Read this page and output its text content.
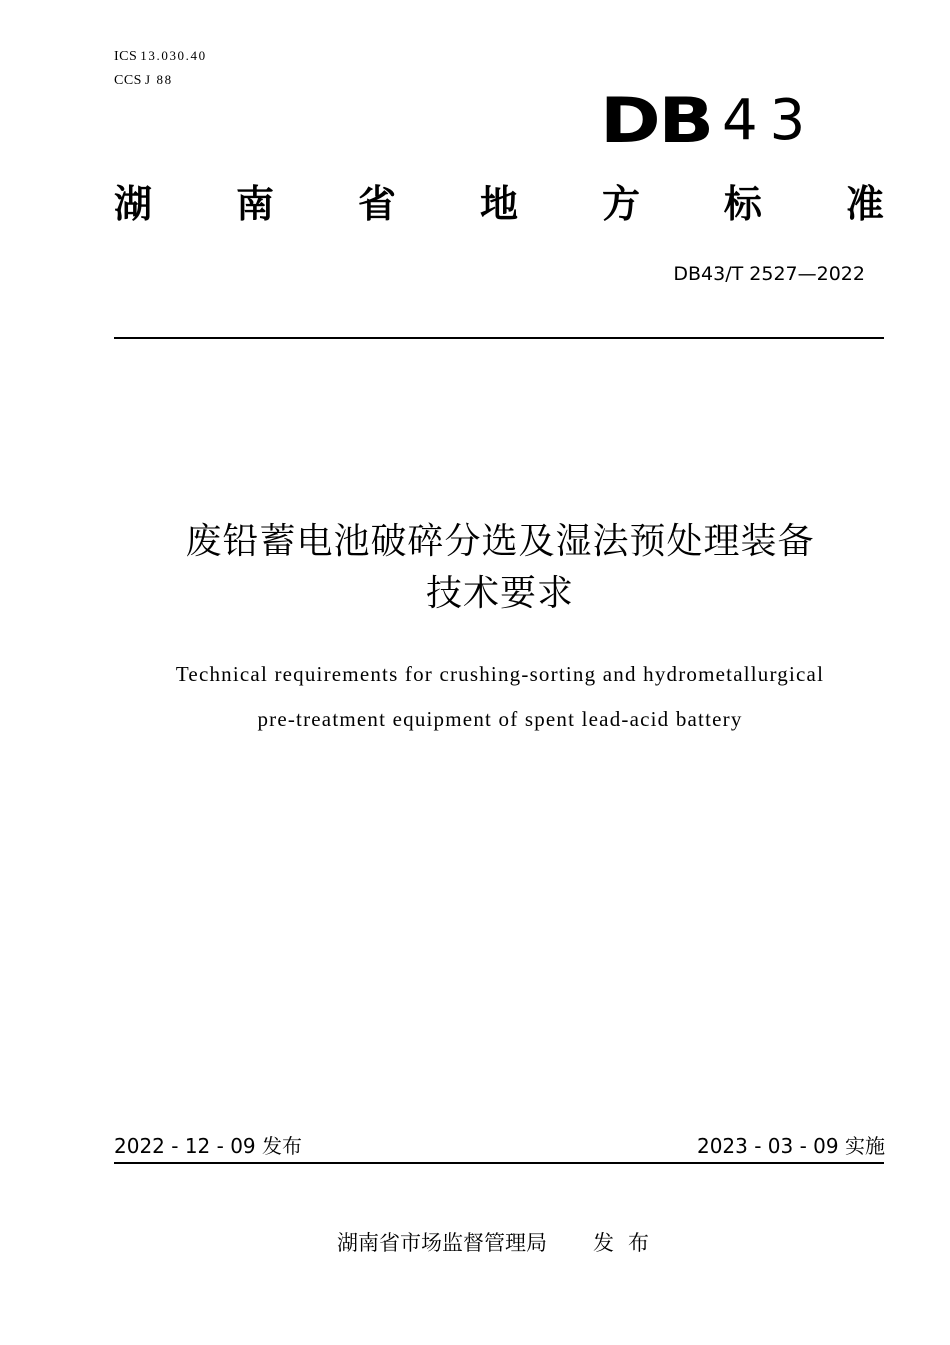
ICS 13.030.40
CCS J 88
DB 43
湖 南 省 地 方 标 准
DB43/T 2527—2022
废铅蓄电池破碎分选及湿法预处理装备
技术要求
Technical requirements for crushing-sorting and hydrometallurgical
pre-treatment equipment of spent lead-acid battery
2022 - 12 - 09 发布	2023 - 03 - 09 实施
湖南省市场监督管理局 发布
